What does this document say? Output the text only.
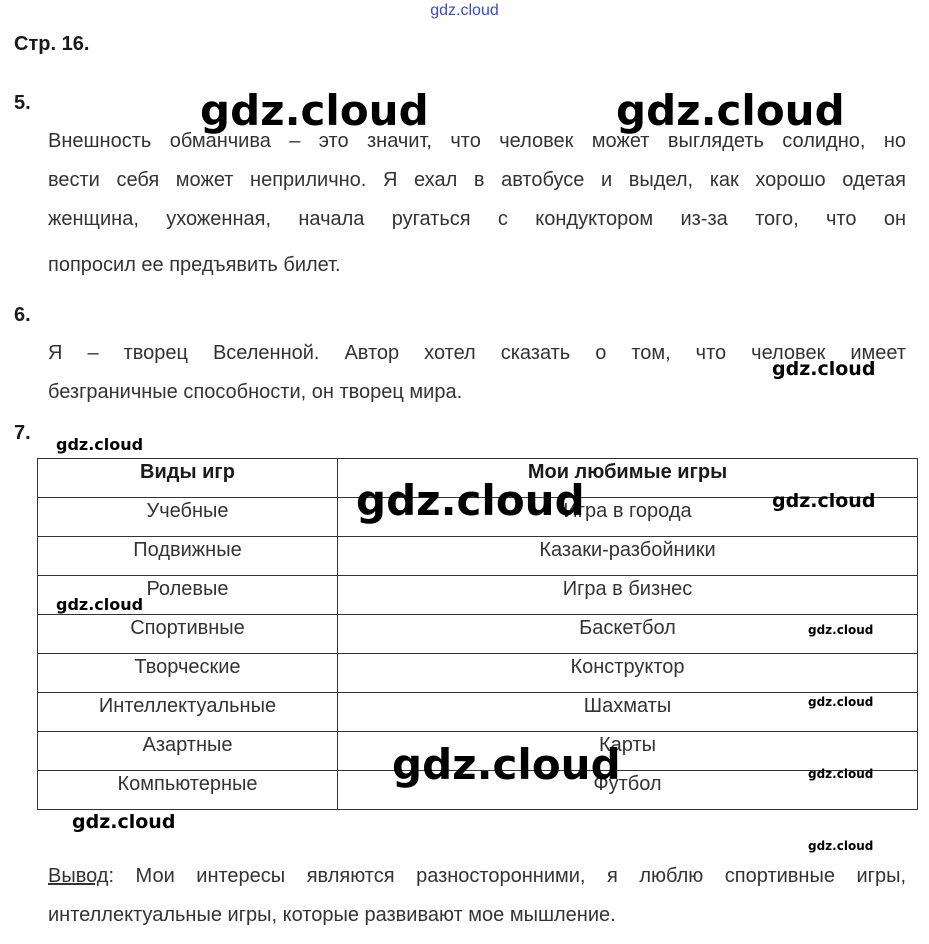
gdz.cloud
Стр. 16.
5.
Внешность обманчива – это значит, что человек может выглядеть солидно, но
вести себя может неприлично. Я ехал в автобусе и выдел, как хорошо одетая
женщина, ухоженная, начала ругаться с кондуктором из-за того, что он
попросил ее предъявить билет.
6.
Я – творец Вселенной. Автор хотел сказать о том, что человек имеет
безграничные способности, он творец мира.
7.
Виды игр	Мои любимые игры
Учебные	Игра в города
Подвижные	Казаки-разбойники
Ролевые	Игра в бизнес
Спортивные	Баскетбол
Творческие	Конструктор
Интеллектуальные	Шахматы
Азартные	Карты
Компьютерные	Футбол
Вывод: Мои интересы являются разносторонними, я люблю спортивные игры,
интеллектуальные игры, которые развивают мое мышление.
gdz.cloud	gdz.cloud
gdz.cloud
gdz.cloud
gdz.cloud	gdz.cloud
gdz.cloud
gdz.cloud
gdz.cloud
gdz.cloud	gdz.cloud
gdz.cloud
gdz.cloud
